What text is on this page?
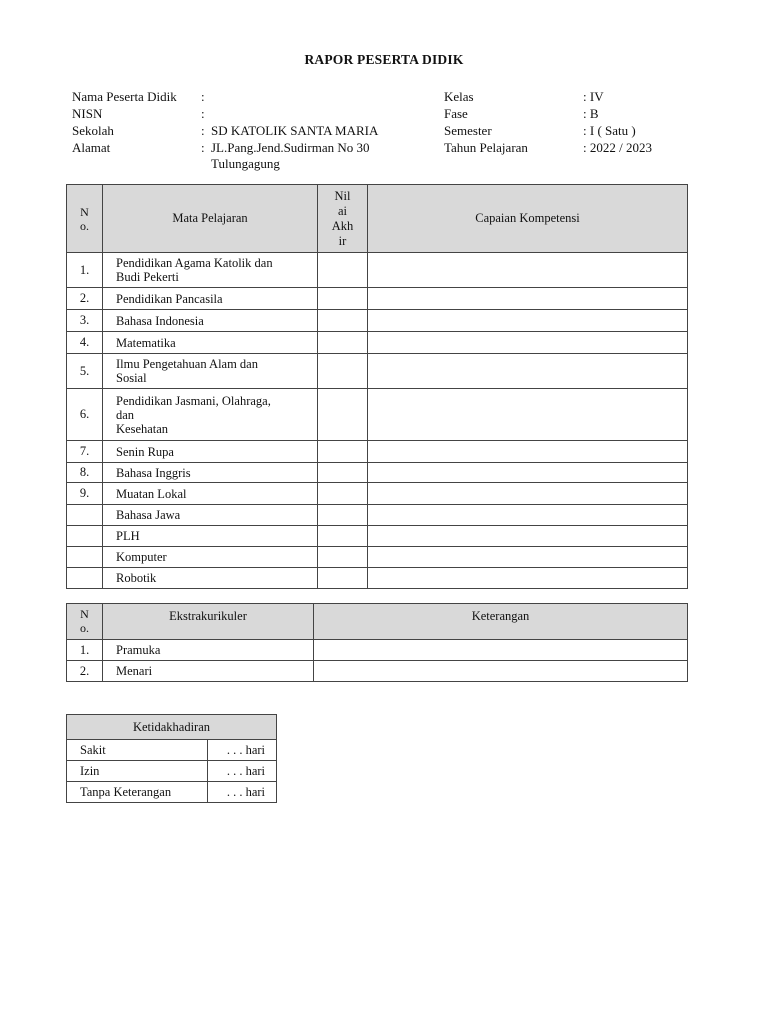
RAPOR PESERTA DIDIK
Nama Peserta Didik :
NISN	:
Sekolah	: SD KATOLIK SANTA MARIA
Alamat	: JL.Pang.Jend.Sudirman No 30
Tulungagung
Kelas	: IV
Fase	: B
Semester	: I ( Satu )
Tahun Pelajaran	: 2022 / 2023
N
o.	Mata Pelajaran	Nil
ai
Akh
ir	Capaian Kompetensi
1.	Pendidikan Agama Katolik dan
Budi Pekerti		

2.	Pendidikan Pancasila		

3.	Bahasa Indonesia		

4.	Matematika		

5.	Ilmu Pengetahuan Alam dan
Sosial		

6.	Pendidikan Jasmani, Olahraga,
dan
Kesehatan		

7.	Senin Rupa		

8.	Bahasa Inggris		

9.	Muatan Lokal		

	Bahasa Jawa		

	PLH		

	Komputer		

	Robotik		

N
o.	Ekstrakurikuler	Keterangan
1.	Pramuka	
2.	Menari	
Ketidakhadiran	
Sakit	. . . hari
Izin	. . . hari
Tanpa Keterangan	. . . hari
